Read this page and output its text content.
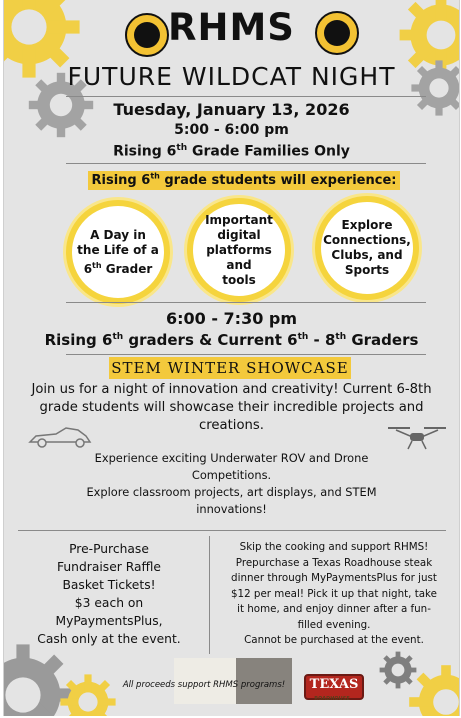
RHMS
FUTURE WILDCAT NIGHT
Tuesday, January 13, 2026
5:00 - 6:00 pm
Rising 6th Grade Families Only
Rising 6th grade students will experience:
A Day in
the Life of a
6th Grader
Important
digital
platforms and
tools
Explore
Connections,
Clubs, and
Sports
6:00 - 7:30 pm
Rising 6th graders & Current 6th - 8th Graders
STEM WINTER SHOWCASE
Join us for a night of innovation and creativity! Current 6-8th
grade students will showcase their incredible projects and
creations.
Experience exciting Underwater ROV and Drone
Competitions.
Explore classroom projects, art displays, and STEM
innovations!
Pre-Purchase
Fundraiser Raffle
Basket Tickets!
$3 each on
MyPaymentsPlus,
Cash only at the event.
Skip the cooking and support RHMS!
Prepurchase a Texas Roadhouse steak
dinner through MyPaymentsPlus for just
$12 per meal! Pick it up that night, take
it home, and enjoy dinner after a fun-
filled evening.
Cannot be purchased at the event.
All proceeds support RHMS programs!	TEXAS
ROADHOUSE
